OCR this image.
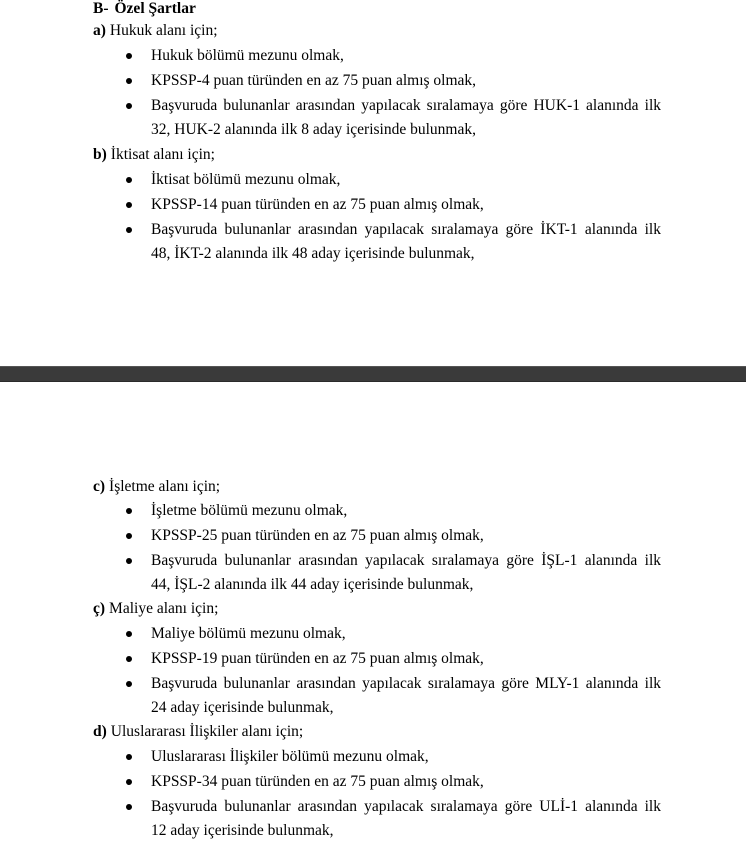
B- Özel Şartlar
a) Hukuk alanı için;
Hukuk bölümü mezunu olmak,
KPSSP-4 puan türünden en az 75 puan almış olmak,
Başvuruda bulunanlar arasından yapılacak sıralamaya göre HUK-1 alanında ilk
32, HUK-2 alanında ilk 8 aday içerisinde bulunmak,
b) İktisat alanı için;
İktisat bölümü mezunu olmak,
KPSSP-14 puan türünden en az 75 puan almış olmak,
Başvuruda bulunanlar arasından yapılacak sıralamaya göre İKT-1 alanında ilk
48, İKT-2 alanında ilk 48 aday içerisinde bulunmak,
c) İşletme alanı için;
İşletme bölümü mezunu olmak,
KPSSP-25 puan türünden en az 75 puan almış olmak,
Başvuruda bulunanlar arasından yapılacak sıralamaya göre İŞL-1 alanında ilk
44, İŞL-2 alanında ilk 44 aday içerisinde bulunmak,
ç) Maliye alanı için;
Maliye bölümü mezunu olmak,
KPSSP-19 puan türünden en az 75 puan almış olmak,
Başvuruda bulunanlar arasından yapılacak sıralamaya göre MLY-1 alanında ilk
24 aday içerisinde bulunmak,
d) Uluslararası İlişkiler alanı için;
Uluslararası İlişkiler bölümü mezunu olmak,
KPSSP-34 puan türünden en az 75 puan almış olmak,
Başvuruda bulunanlar arasından yapılacak sıralamaya göre ULİ-1 alanında ilk
12 aday içerisinde bulunmak,
